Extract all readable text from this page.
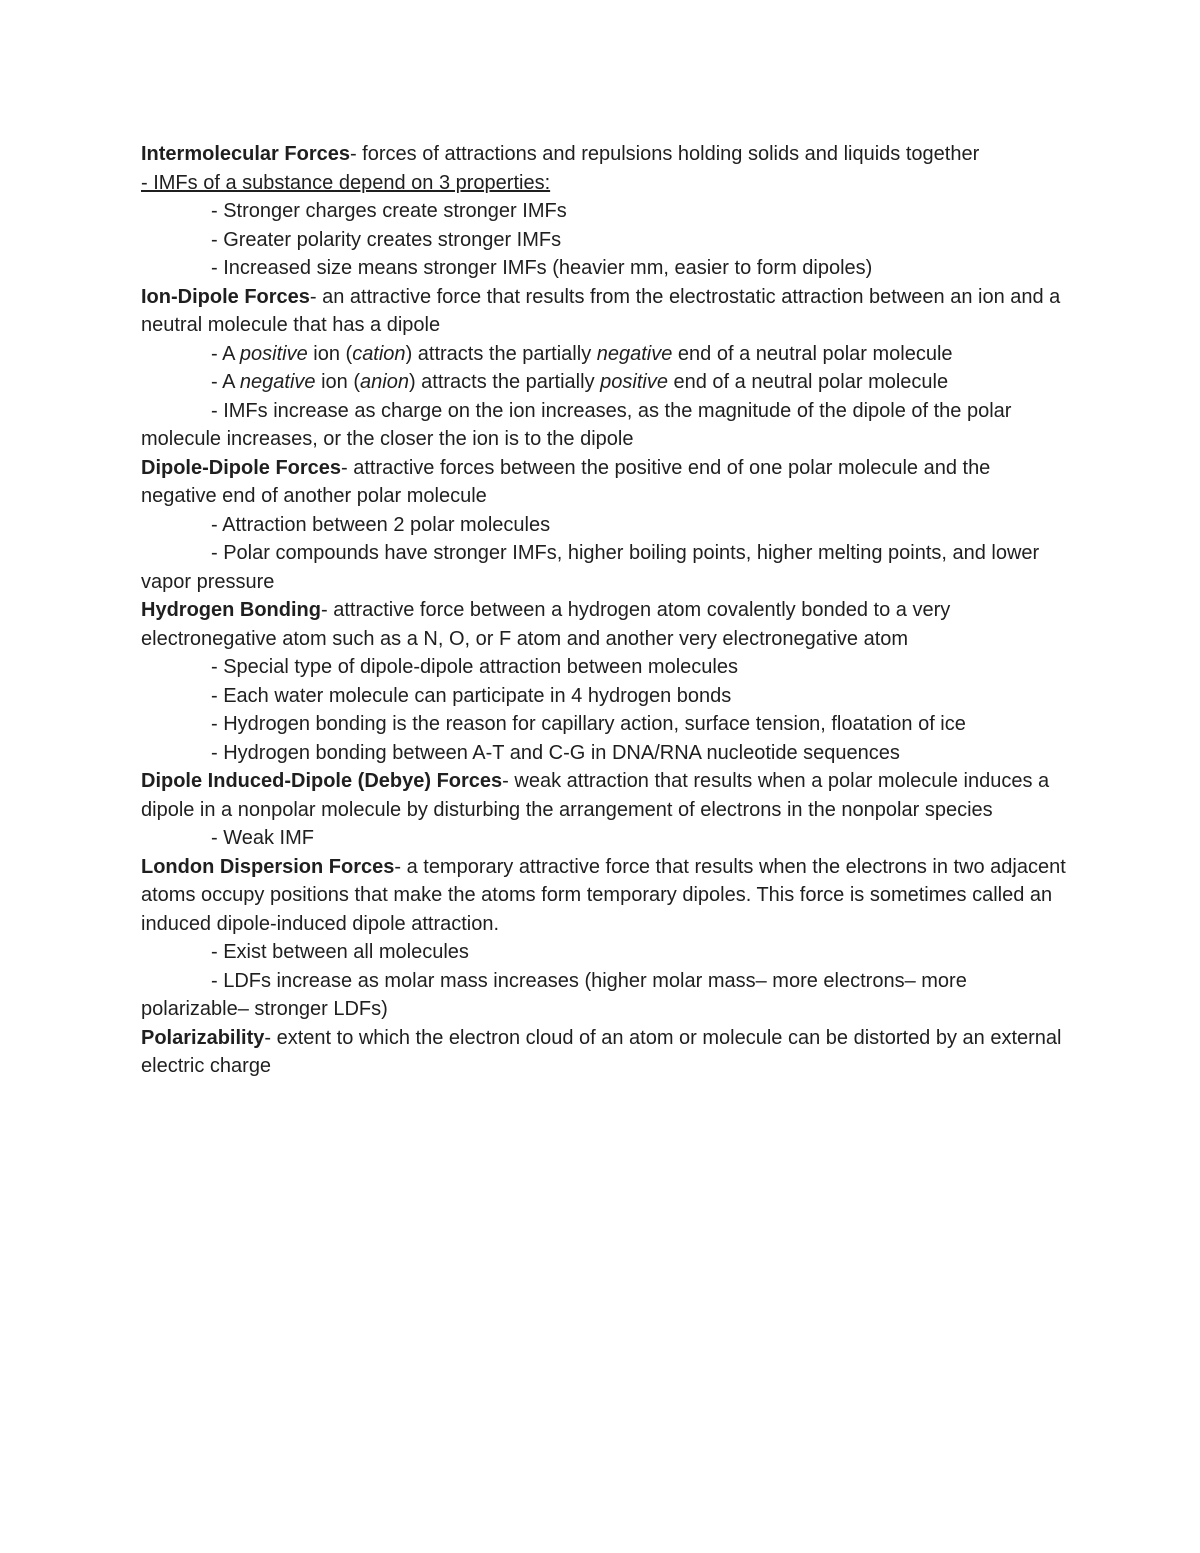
Intermolecular Forces- forces of attractions and repulsions holding solids and liquids together

- IMFs of a substance depend on 3 properties:

- Stronger charges create stronger IMFs

- Greater polarity creates stronger IMFs

- Increased size means stronger IMFs (heavier mm, easier to form dipoles)

Ion-Dipole Forces- an attractive force that results from the electrostatic attraction between an ion and a neutral molecule that has a dipole

- A positive ion (cation) attracts the partially negative end of a neutral polar molecule

- A negative ion (anion) attracts the partially positive end of a neutral polar molecule

- IMFs increase as charge on the ion increases, as the magnitude of the dipole of the polar molecule increases, or the closer the ion is to the dipole

Dipole-Dipole Forces- attractive forces between the positive end of one polar molecule and the negative end of another polar molecule

- Attraction between 2 polar molecules

- Polar compounds have stronger IMFs, higher boiling points, higher melting points, and lower vapor pressure

Hydrogen Bonding- attractive force between a hydrogen atom covalently bonded to a very electronegative atom such as a N, O, or F atom and another very electronegative atom

- Special type of dipole-dipole attraction between molecules

- Each water molecule can participate in 4 hydrogen bonds

- Hydrogen bonding is the reason for capillary action, surface tension, floatation of ice

- Hydrogen bonding between A-T and C-G in DNA/RNA nucleotide sequences

Dipole Induced-Dipole (Debye) Forces- weak attraction that results when a polar molecule induces a dipole in a nonpolar molecule by disturbing the arrangement of electrons in the nonpolar species

- Weak IMF

London Dispersion Forces- a temporary attractive force that results when the electrons in two adjacent atoms occupy positions that make the atoms form temporary dipoles. This force is sometimes called an induced dipole-induced dipole attraction.

- Exist between all molecules

- LDFs increase as molar mass increases (higher molar mass– more electrons– more polarizable– stronger LDFs)

Polarizability- extent to which the electron cloud of an atom or molecule can be distorted by an external electric charge
